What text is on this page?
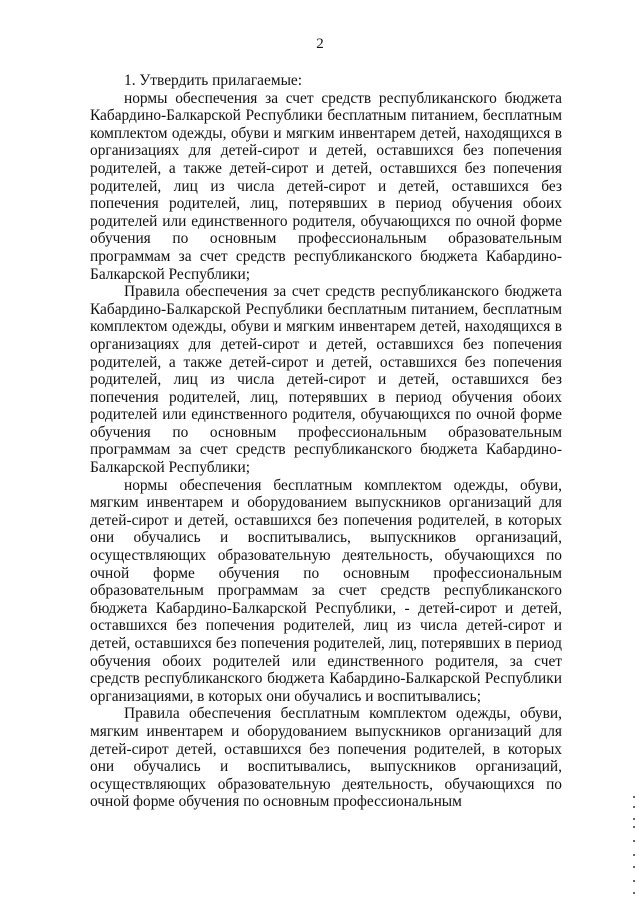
2

1. Утвердить прилагаемые:

нормы обеспечения за счет средств республиканского бюджета Кабардино-Балкарской Республики бесплатным питанием, бесплатным комплектом одежды, обуви и мягким инвентарем детей, находящихся в организациях для детей-сирот и детей, оставшихся без попечения родителей, а также детей-сирот и детей, оставшихся без попечения родителей, лиц из числа детей-сирот и детей, оставшихся без попечения родителей, лиц, потерявших в период обучения обоих родителей или единственного родителя, обучающихся по очной форме обучения по основным профессиональным образовательным программам за счет средств республиканского бюджета Кабардино-Балкарской Республики;

Правила обеспечения за счет средств республиканского бюджета Кабардино-Балкарской Республики бесплатным питанием, бесплатным комплектом одежды, обуви и мягким инвентарем детей, находящихся в организациях для детей-сирот и детей, оставшихся без попечения родителей, а также детей-сирот и детей, оставшихся без попечения родителей, лиц из числа детей-сирот и детей, оставшихся без попечения родителей, лиц, потерявших в период обучения обоих родителей или единственного родителя, обучающихся по очной форме обучения по основным профессиональным образовательным программам за счет средств республиканского бюджета Кабардино-Балкарской Республики;

нормы обеспечения бесплатным комплектом одежды, обуви, мягким инвентарем и оборудованием выпускников организаций для детей-сирот и детей, оставшихся без попечения родителей, в которых они обучались и воспитывались, выпускников организаций, осуществляющих образовательную деятельность, обучающихся по очной форме обучения по основным профессиональным образовательным программам за счет средств республиканского бюджета Кабардино-Балкарской Республики, - детей-сирот и детей, оставшихся без попечения родителей, лиц из числа детей-сирот и детей, оставшихся без попечения родителей, лиц, потерявших в период обучения обоих родителей или единственного родителя, за счет средств республиканского бюджета Кабардино-Балкарской Республики организациями, в которых они обучались и воспитывались;

Правила обеспечения бесплатным комплектом одежды, обуви, мягким инвентарем и оборудованием выпускников организаций для детей-сирот детей, оставшихся без попечения родителей, в которых они обучались и воспитывались, выпускников организаций, осуществляющих образовательную деятельность, обучающихся по очной форме обучения по основным профессиональным
